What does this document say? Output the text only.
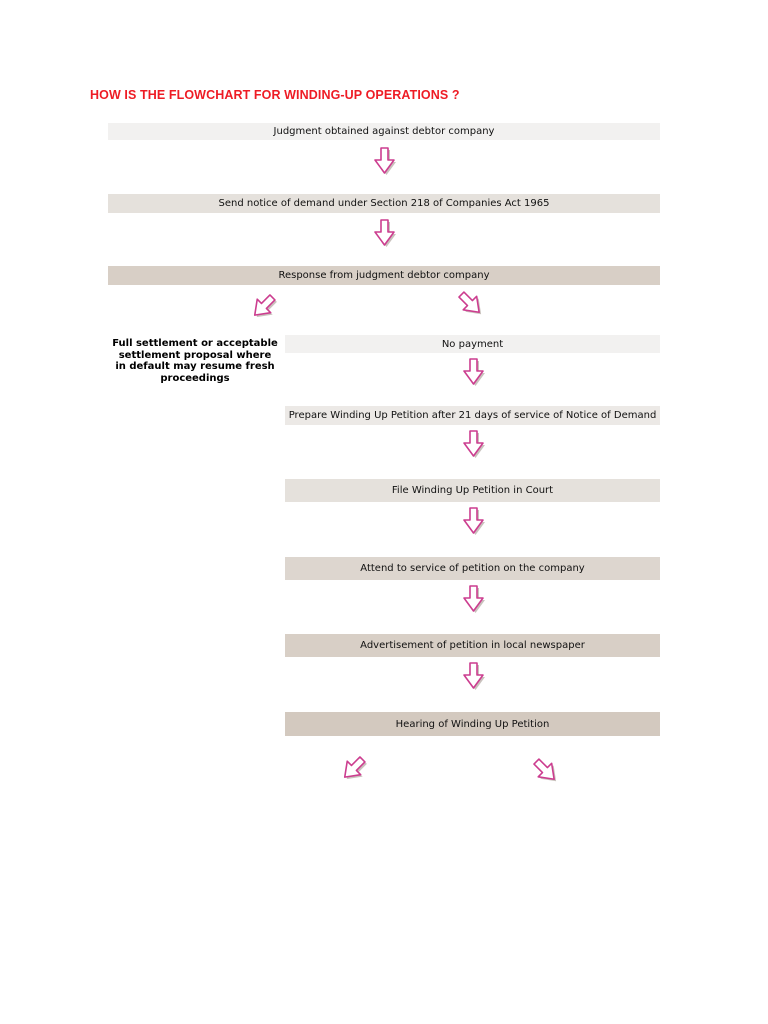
HOW IS THE FLOWCHART FOR WINDING-UP OPERATIONS ?
Judgment obtained against debtor company
Send notice of demand under Section 218 of Companies Act 1965
Response from judgment debtor company
Full settlement or acceptable settlement proposal where in default may resume fresh proceedings
No payment
Prepare Winding Up Petition after 21 days of service of Notice of Demand
File Winding Up Petition in Court
Attend to service of petition on the company
Advertisement of petition in local newspaper
Hearing of Winding Up Petition
